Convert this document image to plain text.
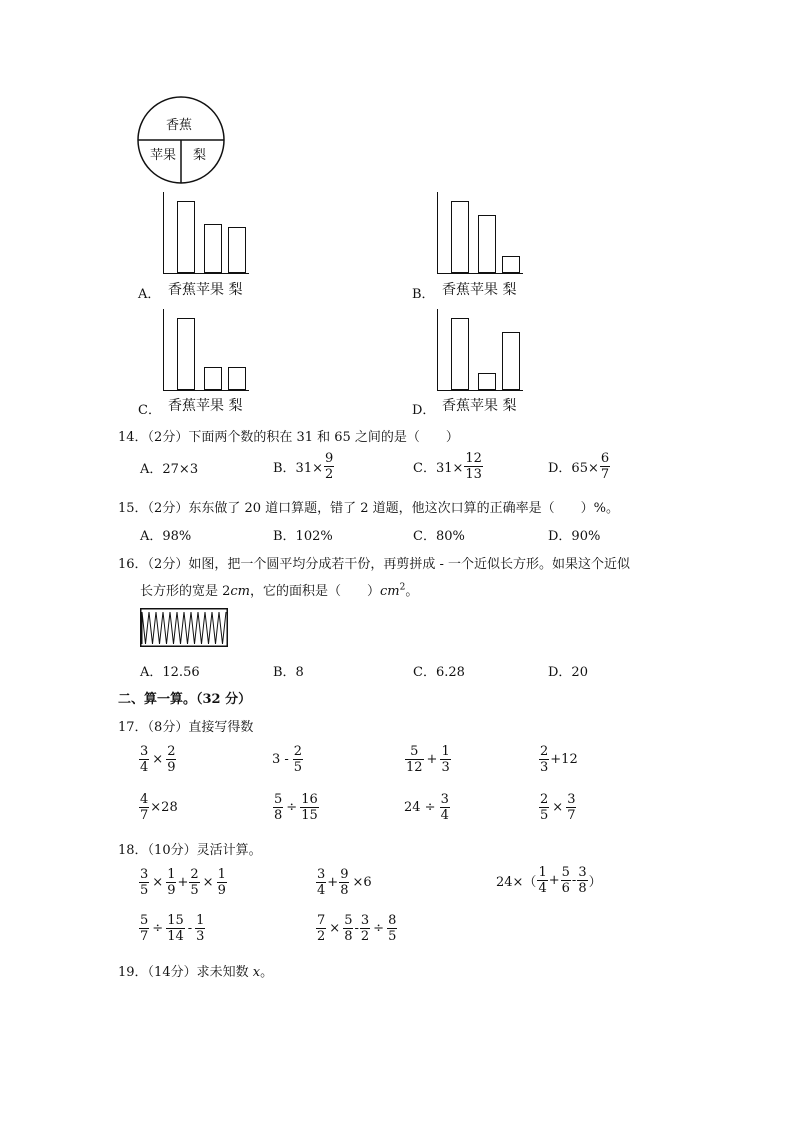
香蕉
苹果 梨
A． 香蕉苹果 梨	B． 香蕉苹果 梨
C． 香蕉苹果 梨	D． 香蕉苹果 梨
14．（2分）下面两个数的积在 31 和 65 之间的是（　　）
A．27×3	B．$31\times \frac{9}{2}$	C．$31\times \frac{12}{13}$	D．$65\times \frac{6}{7}$
15．（2分）东东做了 20 道口算题，错了 2 道题，他这次口算的正确率是（　　）%。
A．98%	B．102%	C．80%	D．90%
16．（2分）如图，把一个圆平均分成若干份，再剪拼成 - 一个近似长方形。如果这个近似
长方形的宽是 2cm，它的面积是（　　）$cm^2$。
A．12.56	B．8	C．6.28	D．20
二、算一算。（32 分）
17．（8分）直接写得数
$\frac{3}{4} \times \frac{2}{9}$	$3 - \frac{2}{5}$	$\frac{5}{12} + \frac{1}{3}$	$\frac{2}{3} +12$
$\frac{4}{7} \times 28$	$\frac{5}{8} \div \frac{16}{15}$	$24 \div \frac{3}{4}$	$\frac{2}{5} \times \frac{3}{7}$
18．（10分）灵活计算。
$\frac{3}{5} \times \frac{1}{9} + \frac{2}{5} \times \frac{1}{9}$	$\frac{3}{4} + \frac{9}{8} \times 6$	$24\times( \frac{1}{4} + \frac{5}{6} - \frac{3}{8}$ ）
$\frac{5}{7} \div \frac{15}{14} - \frac{1}{3}$	$\frac{7}{2} \times \frac{5}{8} - \frac{3}{2} \div \frac{8}{5}$
19．（14分）求未知数 x。
